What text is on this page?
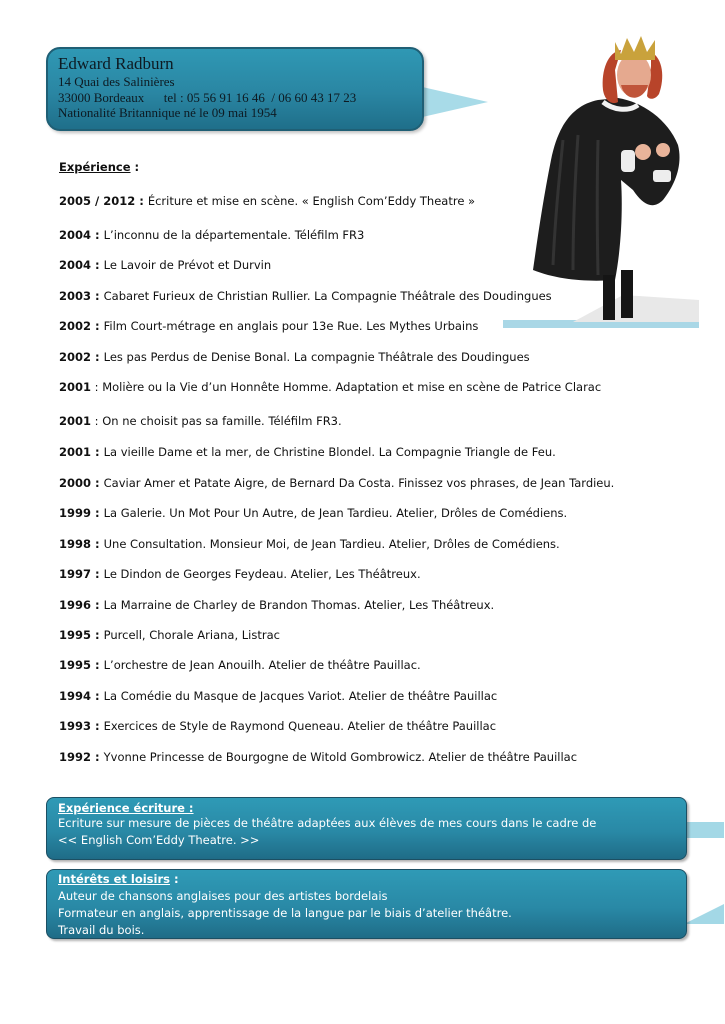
Edward Radburn
14 Quai des Salinières
33000 Bordeaux      tel : 05 56 91 16 46  / 06 60 43 17 23
Nationalité Britannique né le 09 mai 1954
Expérience :
2005 / 2012 : Écriture et mise en scène. « English Com’Eddy Theatre »
2004 : L’inconnu de la départementale. Téléfilm FR3
2004 : Le Lavoir de Prévot et Durvin
2003 : Cabaret Furieux de Christian Rullier. La Compagnie Théâtrale des Doudingues
2002 : Film Court-métrage en anglais pour 13e Rue. Les Mythes Urbains
2002 : Les pas Perdus de Denise Bonal. La compagnie Théâtrale des Doudingues
2001 : Molière ou la Vie d’un Honnête Homme. Adaptation et mise en scène de Patrice Clarac
2001 : On ne choisit pas sa famille. Téléfilm FR3.
2001 : La vieille Dame et la mer, de Christine Blondel. La Compagnie Triangle de Feu.
2000 : Caviar Amer et Patate Aigre, de Bernard Da Costa. Finissez vos phrases, de Jean Tardieu.
1999 : La Galerie. Un Mot Pour Un Autre, de Jean Tardieu. Atelier, Drôles de Comédiens.
1998 : Une Consultation. Monsieur Moi, de Jean Tardieu. Atelier, Drôles de Comédiens.
1997 : Le Dindon de Georges Feydeau. Atelier, Les Théâtreux.
1996 : La Marraine de Charley de Brandon Thomas. Atelier, Les Théâtreux.
1995 : Purcell, Chorale Ariana, Listrac
1995 : L’orchestre de Jean Anouilh. Atelier de théâtre Pauillac.
1994 : La Comédie du Masque de Jacques Variot. Atelier de théâtre Pauillac
1993 : Exercices de Style de Raymond Queneau. Atelier de théâtre Pauillac
1992 : Yvonne Princesse de Bourgogne de Witold Gombrowicz. Atelier de théâtre Pauillac
Expérience écriture :
Ecriture sur mesure de pièces de théâtre adaptées aux élèves de mes cours dans le cadre de
<< English Com’Eddy Theatre. >>
Intérêts et loisirs :
Auteur de chansons anglaises pour des artistes bordelais
Formateur en anglais, apprentissage de la langue par le biais d’atelier théâtre.
Travail du bois.
